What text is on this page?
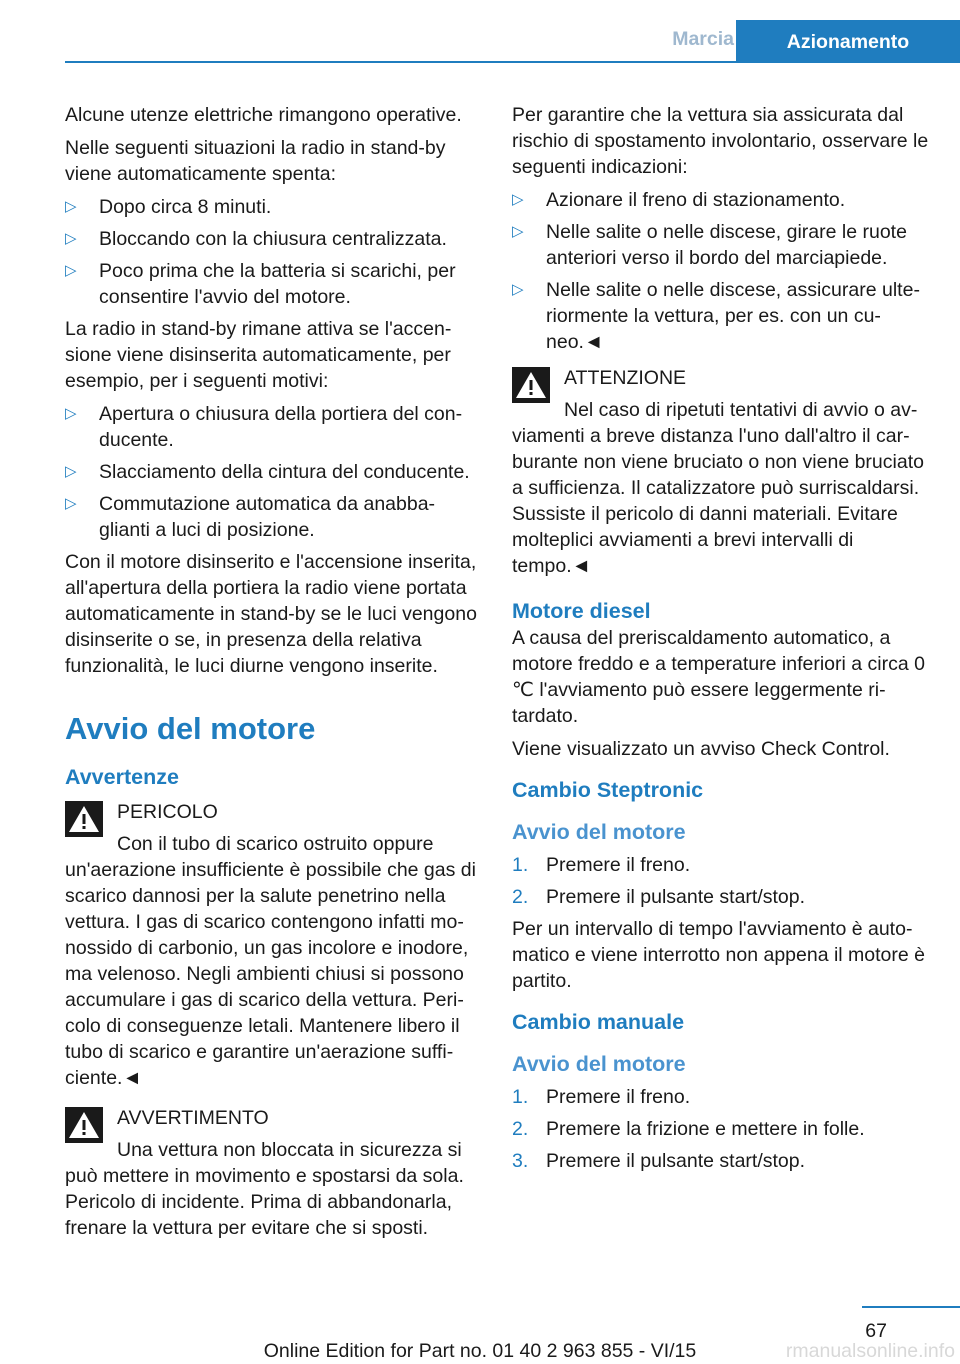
Marcia	Azionamento

Alcune utenze elettriche rimangono operative.

Nelle seguenti situazioni la radio in stand-by viene automaticamente spenta:

▷ Dopo circa 8 minuti.
▷ Bloccando con la chiusura centralizzata.
▷ Poco prima che la batteria si scarichi, per consentire l'avvio del motore.

La radio in stand-by rimane attiva se l'accensione viene disinserita automaticamente, per esempio, per i seguenti motivi:

▷ Apertura o chiusura della portiera del conducente.
▷ Slacciamento della cintura del conducente.
▷ Commutazione automatica da anabbaglianti a luci di posizione.

Con il motore disinserito e l'accensione inserita, all'apertura della portiera la radio viene portata automaticamente in stand-by se le luci vengono disinserite o se, in presenza della relativa funzionalità, le luci diurne vengono inserite.

Avvio del motore
Avvertenze
PERICOLO
Con il tubo di scarico ostruito oppure un'aerazione insufficiente è possibile che gas di scarico dannosi per la salute penetrino nella vettura. I gas di scarico contengono infatti monossido di carbonio, un gas incolore e inodore, ma velenoso. Negli ambienti chiusi si possono accumulare i gas di scarico della vettura. Pericolo di conseguenze letali. Mantenere libero il tubo di scarico e garantire un'aerazione sufficiente.◄
AVVERTIMENTO
Una vettura non bloccata in sicurezza si può mettere in movimento e spostarsi da sola. Pericolo di incidente. Prima di abbandonarla, frenare la vettura per evitare che si sposti.

Per garantire che la vettura sia assicurata dal rischio di spostamento involontario, osservare le seguenti indicazioni:

▷ Azionare il freno di stazionamento.
▷ Nelle salite o nelle discese, girare le ruote anteriori verso il bordo del marciapiede.
▷ Nelle salite o nelle discese, assicurare ulteriormente la vettura, per es. con un cuneo.◄
ATTENZIONE
Nel caso di ripetuti tentativi di avvio o avviamenti a breve distanza l'uno dall'altro il carburante non viene bruciato o non viene bruciato a sufficienza. Il catalizzatore può surriscaldarsi. Sussiste il pericolo di danni materiali. Evitare molteplici avviamenti a brevi intervalli di tempo.◄
Motore diesel

A causa del preriscaldamento automatico, a motore freddo e a temperature inferiori a circa 0 ℃ l'avviamento può essere leggermente ritardato.

Viene visualizzato un avviso Check Control.

Cambio Steptronic
Avvio del motore
1. Premere il freno.
2. Premere il pulsante start/stop.

Per un intervallo di tempo l'avviamento è automatico e viene interrotto non appena il motore è partito.

Cambio manuale
Avvio del motore
1. Premere il freno.
2. Premere la frizione e mettere in folle.
3. Premere il pulsante start/stop.
67
Online Edition for Part no. 01 40 2 963 855 - VI/15	rmanualsonline.info
